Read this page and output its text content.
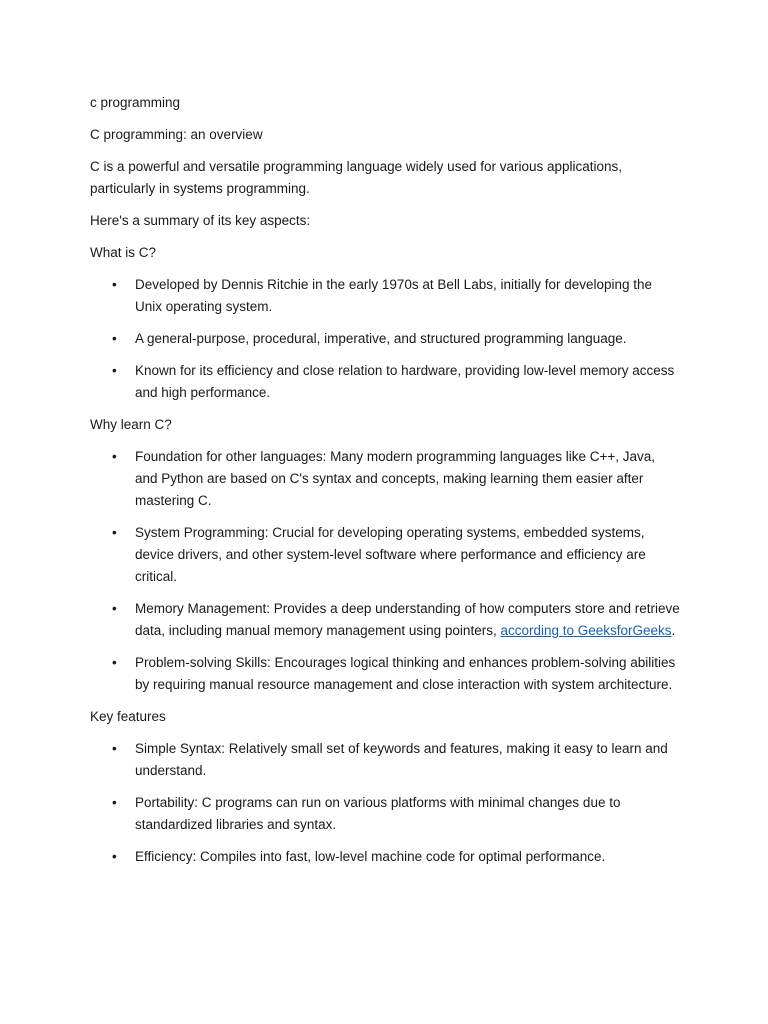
c programming

C programming: an overview

C is a powerful and versatile programming language widely used for various applications, particularly in systems programming.

Here's a summary of its key aspects:

What is C?

• Developed by Dennis Ritchie in the early 1970s at Bell Labs, initially for developing the Unix operating system.
• A general-purpose, procedural, imperative, and structured programming language.
• Known for its efficiency and close relation to hardware, providing low-level memory access and high performance.

Why learn C?

• Foundation for other languages: Many modern programming languages like C++, Java, and Python are based on C's syntax and concepts, making learning them easier after mastering C.
• System Programming: Crucial for developing operating systems, embedded systems, device drivers, and other system-level software where performance and efficiency are critical.
• Memory Management: Provides a deep understanding of how computers store and retrieve data, including manual memory management using pointers, according to GeeksforGeeks.
• Problem-solving Skills: Encourages logical thinking and enhances problem-solving abilities by requiring manual resource management and close interaction with system architecture.

Key features

• Simple Syntax: Relatively small set of keywords and features, making it easy to learn and understand.
• Portability: C programs can run on various platforms with minimal changes due to standardized libraries and syntax.
• Efficiency: Compiles into fast, low-level machine code for optimal performance.
